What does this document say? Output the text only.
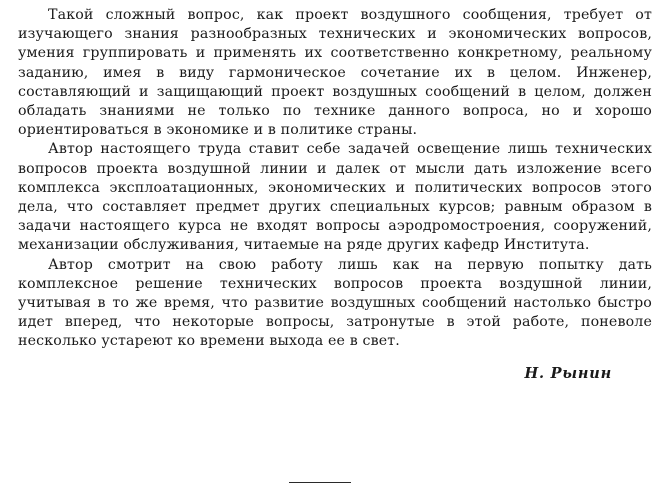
Такой сложный вопрос, как проект воздушного сообщения, требует от изучающего знания разнообразных технических и экономических вопросов, умения группировать и применять их соответственно конкретному, реальному заданию, имея в виду гармоническое сочетание их в целом. Инженер, составляющий и защищающий проект воздушных сообщений в целом, должен обладать знаниями не только по технике данного вопроса, но и хорошо ориентироваться в экономике и в политике страны.

Автор настоящего труда ставит себе задачей освещение лишь технических вопросов проекта воздушной линии и далек от мысли дать изложение всего комплекса эксплоатационных, экономических и политических вопросов этого дела, что составляет предмет других специальных курсов; равным образом в задачи настоящего курса не входят вопросы аэродромостроения, сооружений, механизации обслуживания, читаемые на ряде других кафедр Института.

Автор смотрит на свою работу лишь как на первую попытку дать комплексное решение технических вопросов проекта воздушной линии, учитывая в то же время, что развитие воздушных сообщений настолько быстро идет вперед, что некоторые вопросы, затронутые в этой работе, поневоле несколько устареют ко времени выхода ее в свет.

Н. Рынин
